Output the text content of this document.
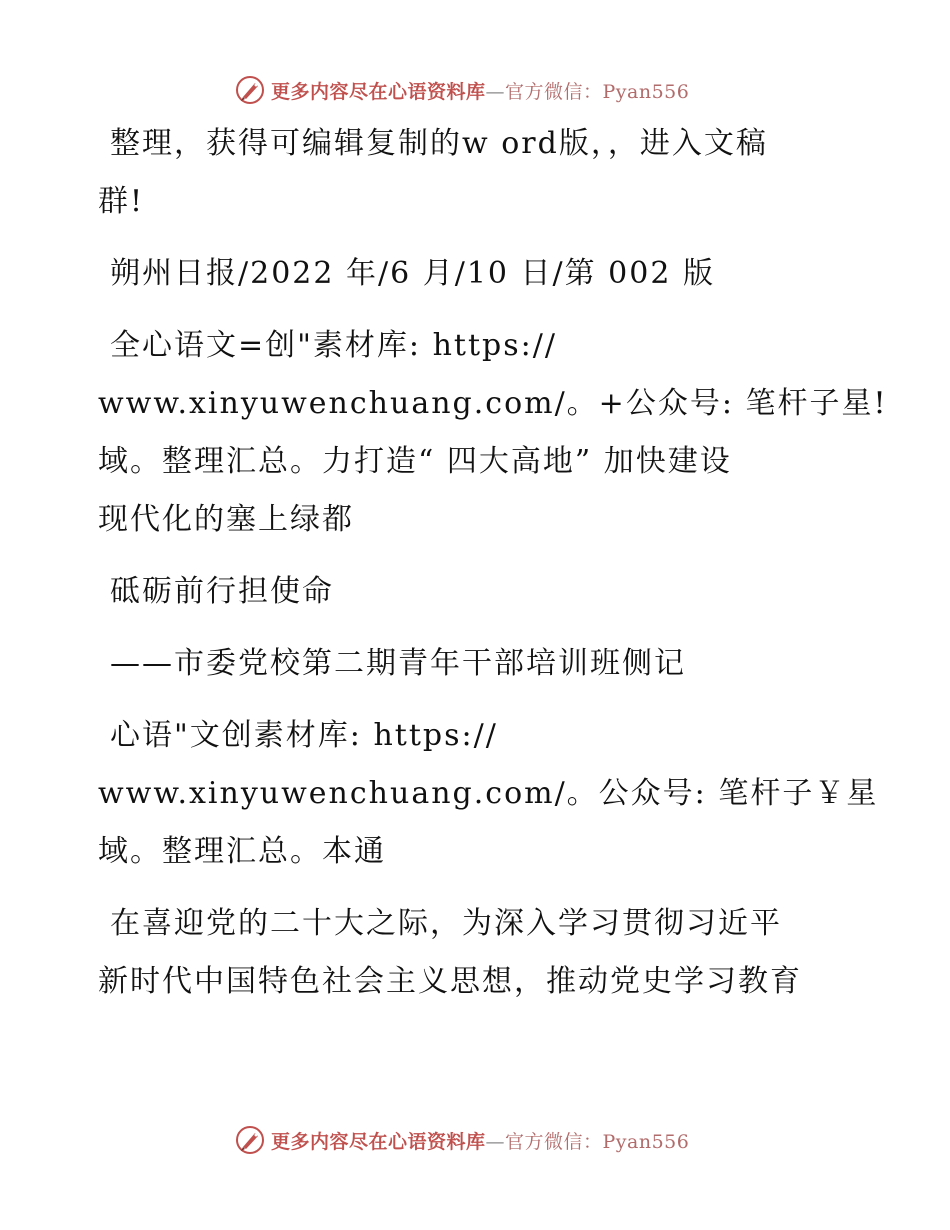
更多内容尽在心语资料库—官方微信：Pyan556

整理，获得可编辑复制的w ord版，，进入文稿
群!

朔州日报/2022 年/6 月/10 日/第 002 版

全心语文=创"素材库: https://
www.xinyuwenchuang.com/。+公众号: 笔杆子星!
域。整理汇总。力打造“ 四大高地” 加快建设
现代化的塞上绿都

砥砺前行担使命

——市委党校第二期青年干部培训班侧记

心语"文创素材库: https://
www.xinyuwenchuang.com/。公众号: 笔杆子￥星
域。整理汇总。本通

在喜迎党的二十大之际，为深入学习贯彻习近平
新时代中国特色社会主义思想，推动党史学习教育

更多内容尽在心语资料库—官方微信：Pyan556
